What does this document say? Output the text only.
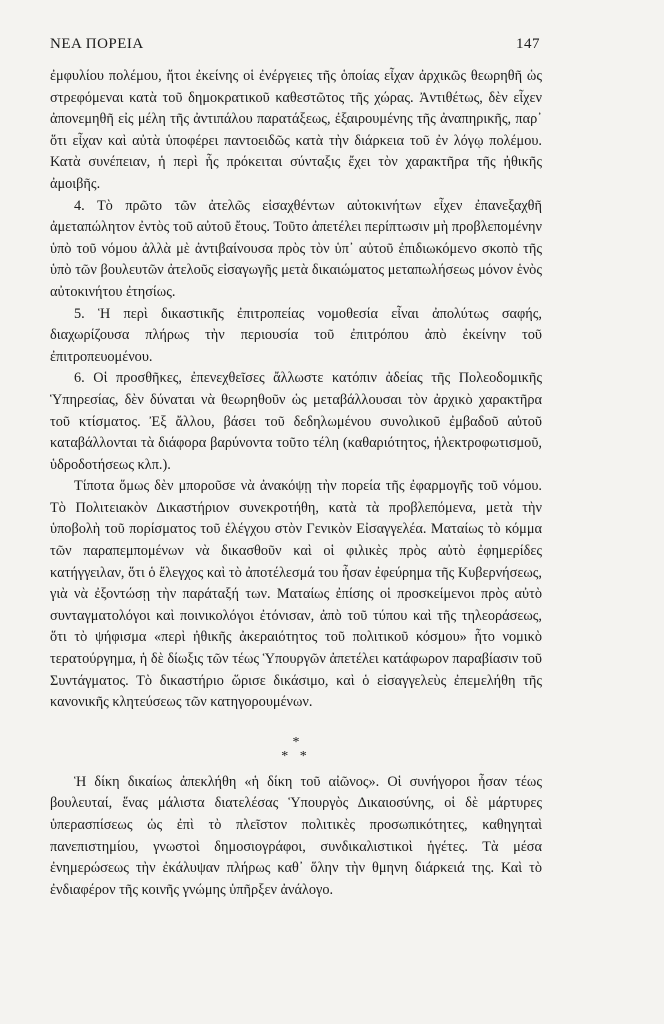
ΝΕΑ ΠΟΡΕΙΑ	147

ἐμφυλίου πολέμου, ἤτοι ἐκείνης οἱ ἐνέργειες τῆς ὁποίας εἶχαν ἀρχικῶς θεωρηθῆ ὡς στρεφόμεναι κατὰ τοῦ δημοκρατικοῦ καθεστῶτος τῆς χώρας. Ἀντιθέτως, δὲν εἶχεν ἀπονεμηθῆ εἰς μέλη τῆς ἀντιπάλου παρατάξεως, ἐξαιρουμένης τῆς ἀναπηρικῆς, παρ᾽ ὅτι εἶχαν καὶ αὐτὰ ὑποφέρει παντοειδῶς κατὰ τὴν διάρκεια τοῦ ἐν λόγῳ πολέμου. Κατὰ συνέπειαν, ἡ περὶ ἧς πρόκειται σύνταξις ἔχει τὸν χαρακτῆρα τῆς ἠθικῆς ἀμοιβῆς.

4. Τὸ πρῶτο τῶν ἀτελῶς εἰσαχθέντων αὐτοκινήτων εἶχεν ἐπανεξαχθῆ ἀμεταπώλητον ἐντὸς τοῦ αὐτοῦ ἔτους. Τοῦτο ἀπετέλει περίπτωσιν μὴ προβλεπομένην ὑπὸ τοῦ νόμου ἀλλὰ μὲ ἀντιβαίνουσα πρὸς τὸν ὑπ᾽ αὐτοῦ ἐπιδιωκόμενο σκοπὸ τῆς ὑπὸ τῶν βουλευτῶν ἀτελοῦς εἰσαγωγῆς μετὰ δικαιώματος μεταπωλήσεως μόνον ἑνὸς αὐτοκινήτου ἐτησίως.

5. Ἡ περὶ δικαστικῆς ἐπιτροπείας νομοθεσία εἶναι ἀπολύτως σαφής, διαχωρίζουσα πλήρως τὴν περιουσία τοῦ ἐπιτρόπου ἀπὸ ἐκείνην τοῦ ἐπιτροπευομένου.

6. Οἱ προσθῆκες, ἐπενεχθεῖσες ἄλλωστε κατόπιν ἀδείας τῆς Πολεοδομικῆς Ὑπηρεσίας, δὲν δύναται νὰ θεωρηθοῦν ὡς μεταβάλλουσαι τὸν ἀρχικὸ χαρακτῆρα τοῦ κτίσματος. Ἐξ ἄλλου, βάσει τοῦ δεδηλωμένου συνολικοῦ ἐμβαδοῦ αὐτοῦ καταβάλλονται τὰ διάφορα βαρύνοντα τοῦτο τέλη (καθαριότητος, ἠλεκτροφωτισμοῦ, ὑδροδοτήσεως κλπ.).

Τίποτα ὅμως δὲν μποροῦσε νὰ ἀνακόψῃ τὴν πορεία τῆς ἐφαρμογῆς τοῦ νόμου. Τὸ Πολιτειακὸν Δικαστήριον συνεκροτήθη, κατὰ τὰ προβλεπόμενα, μετὰ τὴν ὑποβολὴ τοῦ πορίσματος τοῦ ἐλέγχου στὸν Γενικὸν Εἰσαγγελέα. Ματαίως τὸ κόμμα τῶν παραπεμπομένων νὰ δικασθοῦν καὶ οἱ φιλικὲς πρὸς αὐτὸ ἐφημερίδες κατήγγειλαν, ὅτι ὁ ἔλεγχος καὶ τὸ ἀποτέλεσμά του ἦσαν ἐφεύρημα τῆς Κυβερνήσεως, γιὰ νὰ ἐξοντώσῃ τὴν παράταξή των. Ματαίως ἐπίσης οἱ προσκείμενοι πρὸς αὐτὸ συνταγματολόγοι καὶ ποινικολόγοι ἐτόνισαν, ἀπὸ τοῦ τύπου καὶ τῆς τηλεοράσεως, ὅτι τὸ ψήφισμα «περὶ ἠθικῆς ἀκεραιότητος τοῦ πολιτικοῦ κόσμου» ἦτο νομικὸ τερατούργημα, ἡ δὲ δίωξις τῶν τέως Ὑπουργῶν ἀπετέλει κατάφωρον παραβίασιν τοῦ Συντάγματος. Τὸ δικαστήριο ὥρισε δικάσιμο, καὶ ὁ εἰσαγγελεὺς ἐπεμελήθη τῆς κανονικῆς κλητεύσεως τῶν κατηγορουμένων.

*
* *

Ἡ δίκη δικαίως ἀπεκλήθη «ἡ δίκη τοῦ αἰῶνος». Οἱ συνήγοροι ἦσαν τέως βουλευταί, ἕνας μάλιστα διατελέσας Ὑπουργὸς Δικαιοσύνης, οἱ δὲ μάρτυρες ὑπερασπίσεως ὡς ἐπὶ τὸ πλεῖστον πολιτικὲς προσωπικότητες, καθηγηταὶ πανεπιστημίου, γνωστοὶ δημοσιογράφοι, συνδικαλιστικοὶ ἡγέτες. Τὰ μέσα ἐνημερώσεως τὴν ἐκάλυψαν πλήρως καθ᾽ ὅλην τὴν θμηνη διάρκειά της. Καὶ τὸ ἐνδιαφέρον τῆς κοινῆς γνώμης ὑπῆρξεν ἀνάλογο.
